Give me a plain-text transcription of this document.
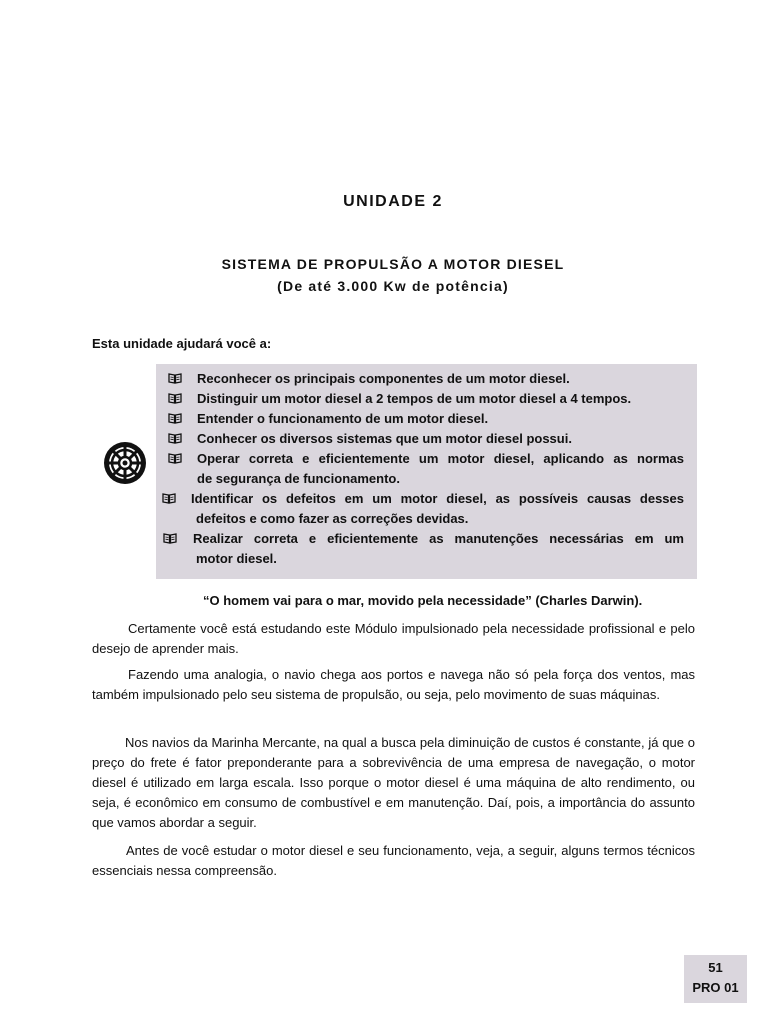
UNIDADE 2
SISTEMA DE PROPULSÃO A MOTOR DIESEL
(De até 3.000 Kw de potência)
Esta unidade ajudará você a:
Reconhecer os principais componentes de um motor diesel.
Distinguir um motor diesel a 2 tempos de um motor diesel a 4 tempos.
Entender o funcionamento de um motor diesel.
Conhecer os diversos sistemas que um motor diesel possui.
Operar correta e eficientemente um motor diesel, aplicando as normas
de segurança de funcionamento.
Identificar os defeitos em um motor diesel, as possíveis causas desses
defeitos e como fazer as correções devidas.
Realizar correta e eficientemente as manutenções necessárias em um
motor diesel.
“O homem vai para o mar, movido pela necessidade” (Charles Darwin).

Certamente você está estudando este Módulo impulsionado pela necessidade profissional e pelo desejo de aprender mais.

Fazendo uma analogia, o navio chega aos portos e navega não só pela força dos ventos, mas também impulsionado pelo seu sistema de propulsão, ou seja, pelo movimento de suas máquinas.

Nos navios da Marinha Mercante, na qual a busca pela diminuição de custos é constante, já que o preço do frete é fator preponderante para a sobrevivência de uma empresa de navegação, o motor diesel é utilizado em larga escala. Isso porque o motor diesel é uma máquina de alto rendimento, ou seja, é econômico em consumo de combustível e em manutenção. Daí, pois, a importância do assunto que vamos abordar a seguir.

Antes de você estudar o motor diesel e seu funcionamento, veja, a seguir, alguns termos técnicos essenciais nessa compreensão.

51
PRO 01
